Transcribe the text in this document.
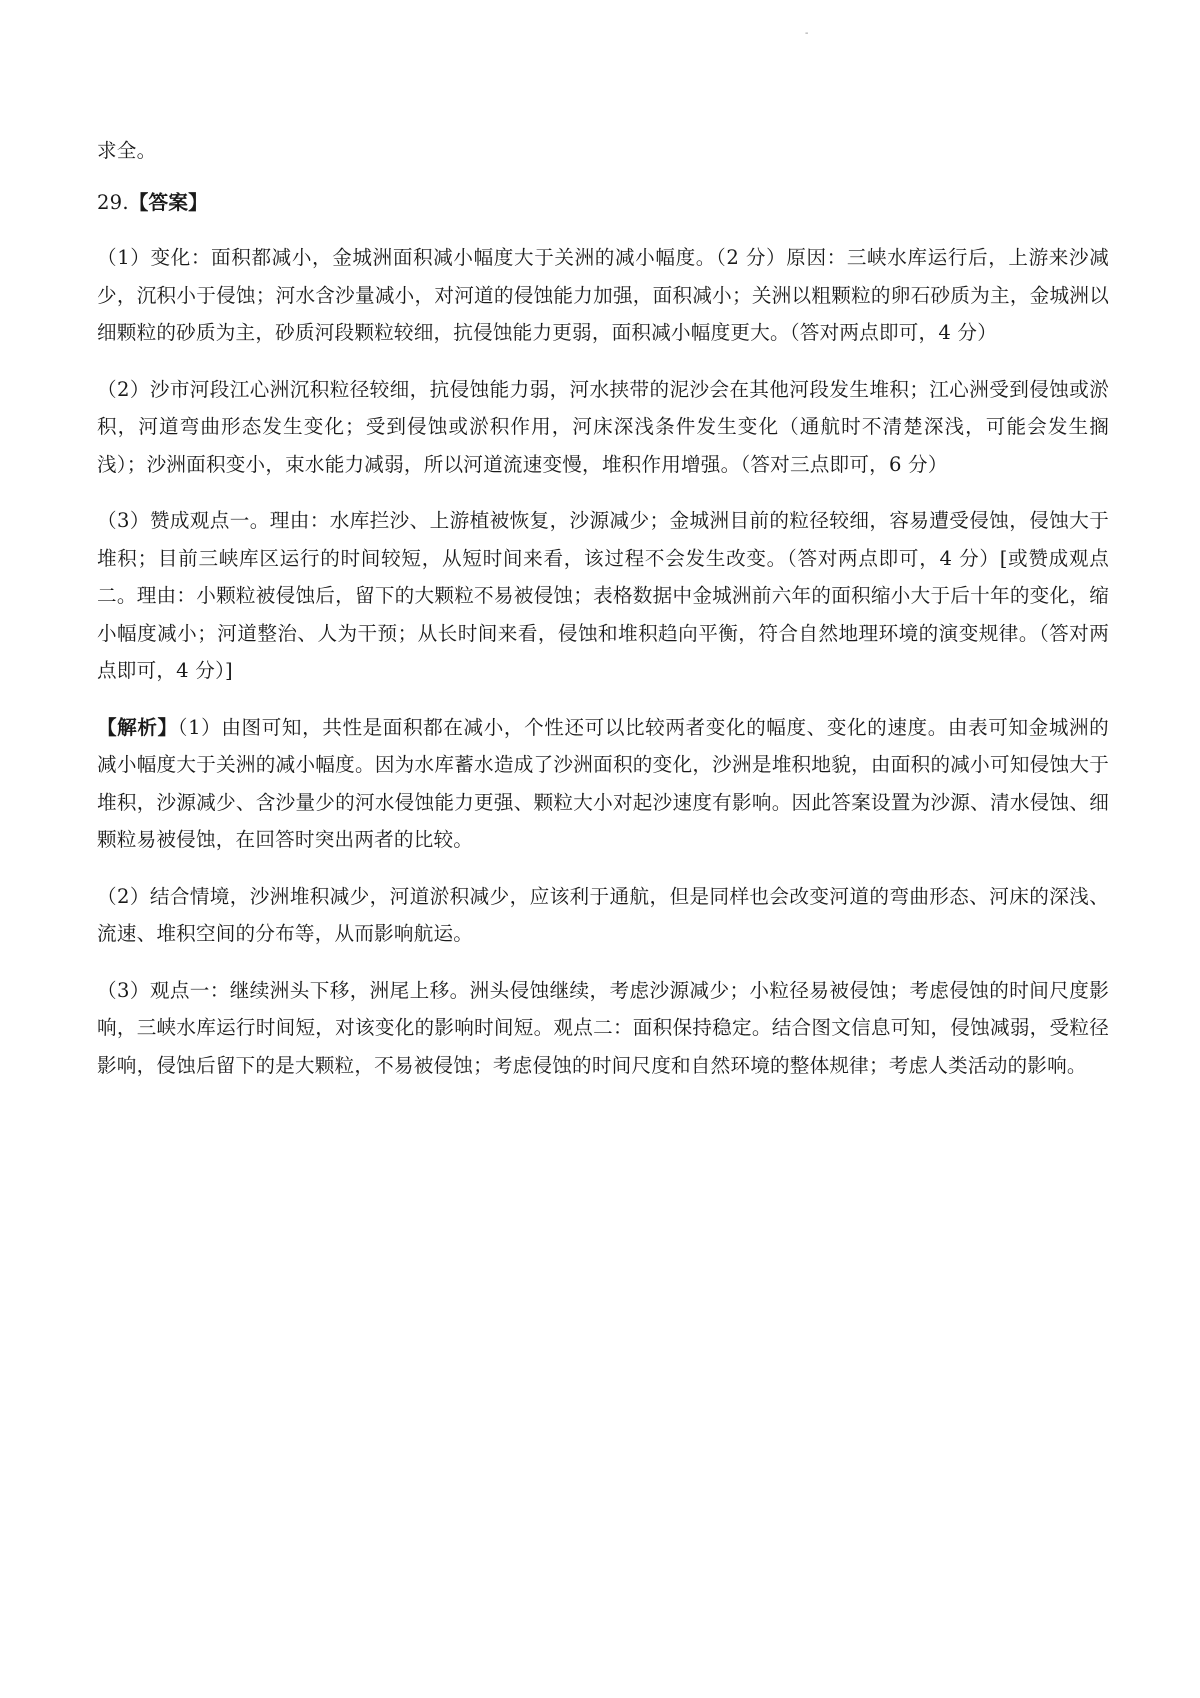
-

求全。

29.【答案】

（1）变化：面积都减小，金城洲面积减小幅度大于关洲的减小幅度。（2 分）原因：三峡水库运行后，上游来沙减少，沉积小于侵蚀；河水含沙量减小，对河道的侵蚀能力加强，面积减小；关洲以粗颗粒的卵石砂质为主，金城洲以细颗粒的砂质为主，砂质河段颗粒较细，抗侵蚀能力更弱，面积减小幅度更大。（答对两点即可，4 分）

（2）沙市河段江心洲沉积粒径较细，抗侵蚀能力弱，河水挟带的泥沙会在其他河段发生堆积；江心洲受到侵蚀或淤积，河道弯曲形态发生变化；受到侵蚀或淤积作用，河床深浅条件发生变化（通航时不清楚深浅，可能会发生搁浅）；沙洲面积变小，束水能力减弱，所以河道流速变慢，堆积作用增强。（答对三点即可，6 分）

（3）赞成观点一。理由：水库拦沙、上游植被恢复，沙源减少；金城洲目前的粒径较细，容易遭受侵蚀，侵蚀大于堆积；目前三峡库区运行的时间较短，从短时间来看，该过程不会发生改变。（答对两点即可，4 分）[或赞成观点二。理由：小颗粒被侵蚀后，留下的大颗粒不易被侵蚀；表格数据中金城洲前六年的面积缩小大于后十年的变化，缩小幅度减小；河道整治、人为干预；从长时间来看，侵蚀和堆积趋向平衡，符合自然地理环境的演变规律。（答对两点即可，4 分）]

【解析】（1）由图可知，共性是面积都在减小，个性还可以比较两者变化的幅度、变化的速度。由表可知金城洲的减小幅度大于关洲的减小幅度。因为水库蓄水造成了沙洲面积的变化，沙洲是堆积地貌，由面积的减小可知侵蚀大于堆积，沙源减少、含沙量少的河水侵蚀能力更强、颗粒大小对起沙速度有影响。因此答案设置为沙源、清水侵蚀、细颗粒易被侵蚀，在回答时突出两者的比较。

（2）结合情境，沙洲堆积减少，河道淤积减少，应该利于通航，但是同样也会改变河道的弯曲形态、河床的深浅、流速、堆积空间的分布等，从而影响航运。

（3）观点一：继续洲头下移，洲尾上移。洲头侵蚀继续，考虑沙源减少；小粒径易被侵蚀；考虑侵蚀的时间尺度影响，三峡水库运行时间短，对该变化的影响时间短。观点二：面积保持稳定。结合图文信息可知，侵蚀减弱，受粒径影响，侵蚀后留下的是大颗粒，不易被侵蚀；考虑侵蚀的时间尺度和自然环境的整体规律；考虑人类活动的影响。
